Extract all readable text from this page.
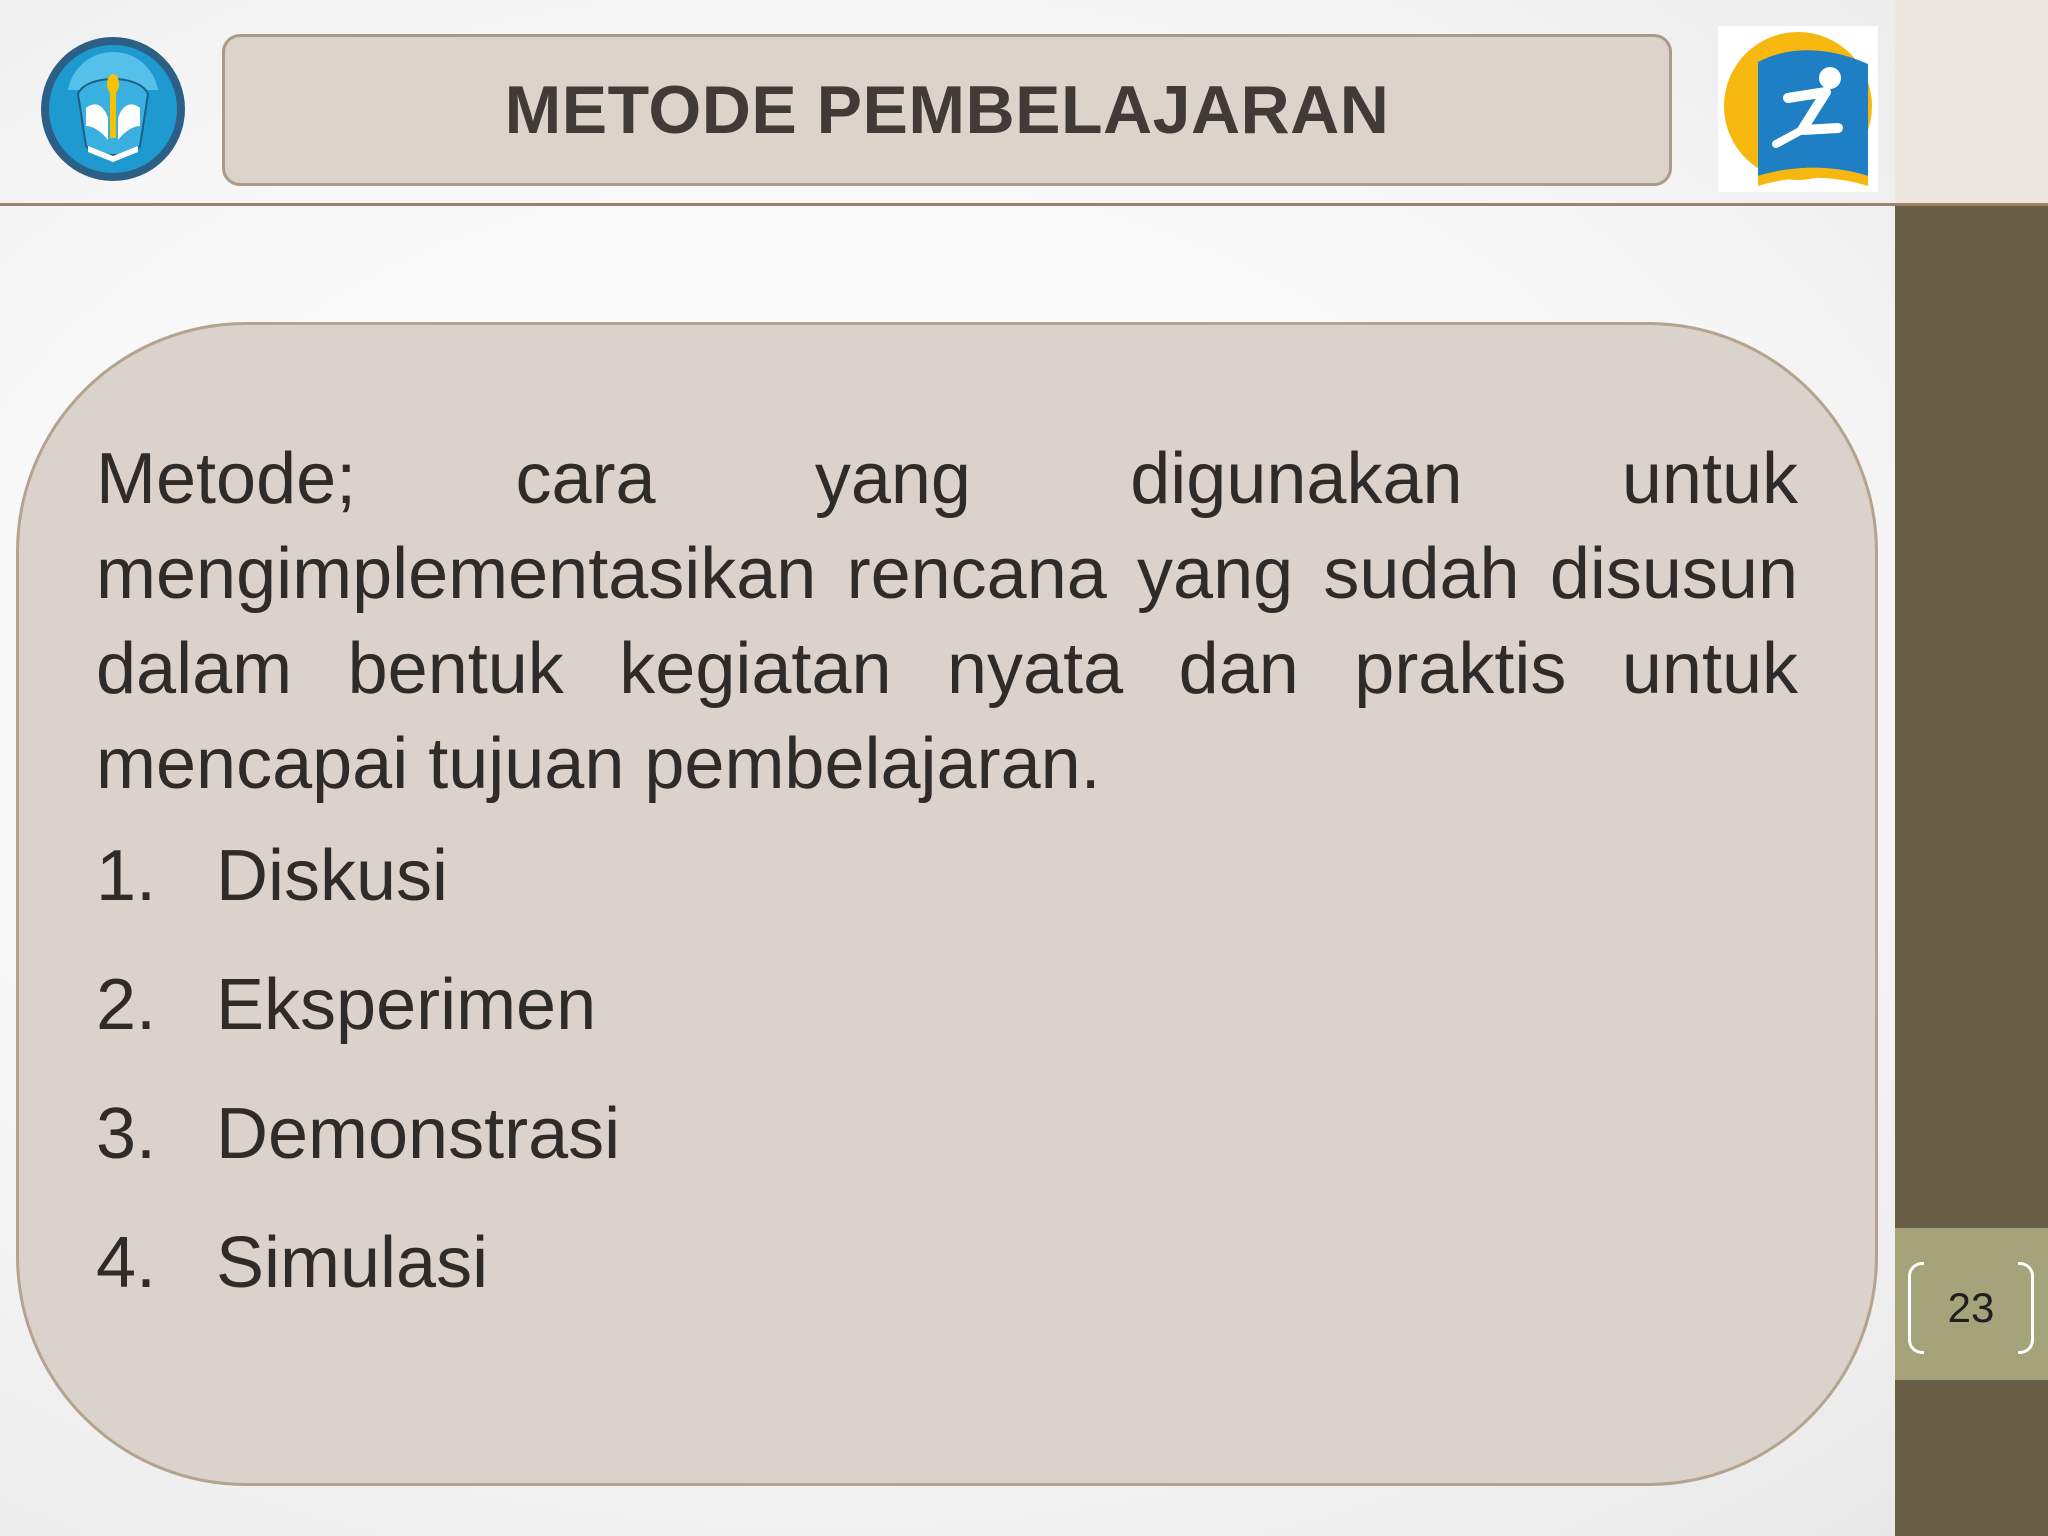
23
METODE PEMBELAJARAN

Metode; cara yang digunakan untuk mengimplementasikan rencana yang sudah disusun dalam bentuk kegiatan nyata dan praktis untuk mencapai tujuan pembelajaran.

1. Diskusi
2. Eksperimen
3. Demonstrasi
4. Simulasi
